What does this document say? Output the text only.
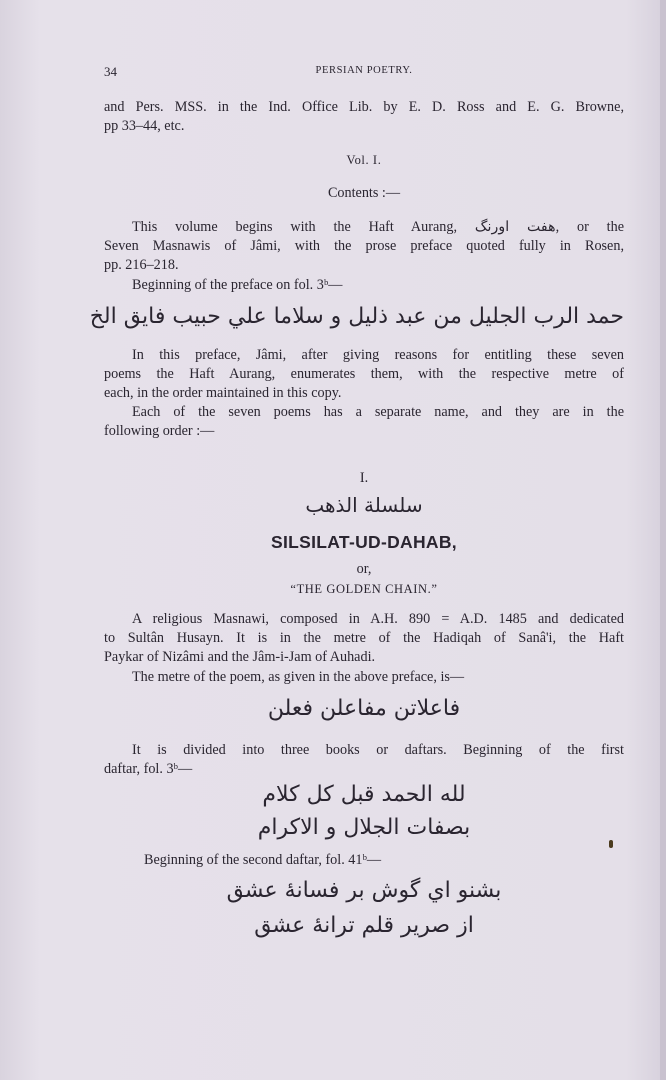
34	PERSIAN POETRY.
and Pers. MSS. in the Ind. Office Lib. by E. D. Ross and E. G. Browne,
pp 33–44, etc.
Vol. I.
Contents :—
This volume begins with the Haft Aurang, هفت اورنگ, or the
Seven Masnawis of Jâmi, with the prose preface quoted fully in Rosen,
pp. 216–218.
Beginning of the preface on fol. 3ᵇ—
حمد الرب الجليل من عبد ذليل و سلاما علي حبيب فايق الخ
In this preface, Jâmi, after giving reasons for entitling these seven
poems the Haft Aurang, enumerates them, with the respective metre of
each, in the order maintained in this copy.
Each of the seven poems has a separate name, and they are in the
following order :—
I.
سلسلة الذهب
SILSILAT-UD-DAHAB,
or,
“THE GOLDEN CHAIN.”
A religious Masnawi, composed in A.H. 890 = A.D. 1485 and dedicated
to Sultân Husayn. It is in the metre of the Hadiqah of Sanâ'i, the Haft
Paykar of Nizâmi and the Jâm-i-Jam of Auhadi.
The metre of the poem, as given in the above preface, is—
فاعلاتن مفاعلن فعلن
It is divided into three books or daftars. Beginning of the first
daftar, fol. 3ᵇ—
لله الحمد قبل كل كلام
بصفات الجلال و الاكرام
Beginning of the second daftar, fol. 41ᵇ—
بشنو اي گوش بر فسانهٔ عشق
از صرير قلم ترانهٔ عشق
